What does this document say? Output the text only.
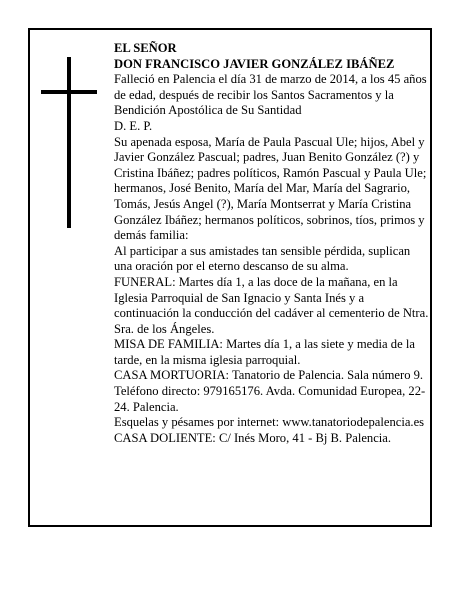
EL SEÑOR

DON FRANCISCO JAVIER GONZÁLEZ IBÁÑEZ

Falleció en Palencia el día 31 de marzo de 2014, a los 45 años de edad, después de recibir los Santos Sacramentos y la Bendición Apostólica de Su Santidad

D. E. P.

Su apenada esposa, María de Paula Pascual Ule; hijos, Abel y Javier González Pascual; padres, Juan Benito González (?) y Cristina Ibáñez; padres políticos, Ramón Pascual y Paula Ule; hermanos, José Benito, María del Mar, María del Sagrario, Tomás, Jesús Angel (?), María Montserrat y María Cristina González Ibáñez; hermanos políticos, sobrinos, tíos, primos y demás familia:

Al participar a sus amistades tan sensible pérdida, suplican una oración por el eterno descanso de su alma.

FUNERAL: Martes día 1, a las doce de la mañana, en la Iglesia Parroquial de San Ignacio y Santa Inés y a continuación la conducción del cadáver al cementerio de Ntra. Sra. de los Ángeles.

MISA DE FAMILIA: Martes día 1, a las siete y media de la tarde, en la misma iglesia parroquial.

CASA MORTUORIA: Tanatorio de Palencia. Sala número 9. Teléfono directo: 979165176. Avda. Comunidad Europea, 22-24. Palencia.

Esquelas y pésames por internet: www.tanatoriodepalencia.es

CASA DOLIENTE: C/ Inés Moro, 41 - Bj B. Palencia.
